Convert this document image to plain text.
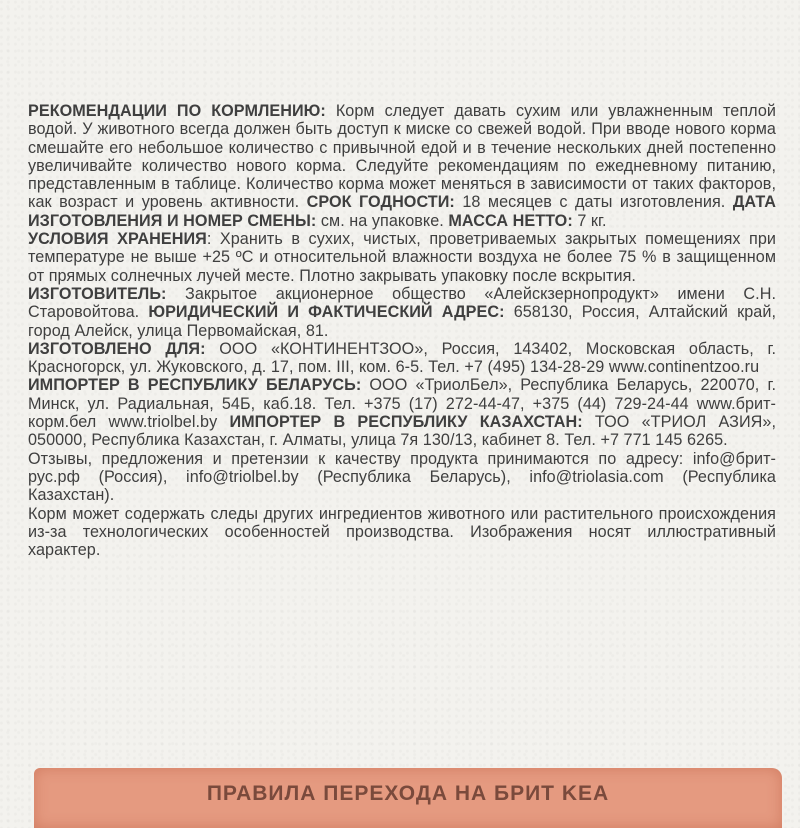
РЕКОМЕНДАЦИИ ПО КОРМЛЕНИЮ: Корм следует давать сухим или увлажненным теплой водой. У животного всегда должен быть доступ к миске со свежей водой. При вводе нового корма смешайте его небольшое количество с привычной едой и в течение нескольких дней постепенно увеличивайте количество нового корма. Следуйте рекомендациям по ежедневному питанию, представленным в таблице. Количество корма может меняться в зависимости от таких факторов, как возраст и уровень активности. СРОК ГОДНОСТИ: 18 месяцев с даты изготовления. ДАТА ИЗГОТОВЛЕНИЯ И НОМЕР СМЕНЫ: см. на упаковке. МАССА НЕТТО: 7 кг.

УСЛОВИЯ ХРАНЕНИЯ: Хранить в сухих, чистых, проветриваемых закрытых помещениях при температуре не выше +25 ºС и относительной влажности воздуха не более 75 % в защищенном от прямых солнечных лучей месте. Плотно закрывать упаковку после вскрытия.

ИЗГОТОВИТЕЛЬ: Закрытое акционерное общество «Алейскзернопродукт» имени С.Н. Старовойтова. ЮРИДИЧЕСКИЙ И ФАКТИЧЕСКИЙ АДРЕС: 658130, Россия, Алтайский край, город Алейск, улица Первомайская, 81.

ИЗГОТОВЛЕНО ДЛЯ: ООО «КОНТИНЕНТЗОО», Россия, 143402, Московская область, г. Красногорск, ул. Жуковского, д. 17, пом. III, ком. 6-5. Тел. +7 (495) 134-28-29 www.continentzoo.ru

ИМПОРТЕР В РЕСПУБЛИКУ БЕЛАРУСЬ: ООО «ТриолБел», Республика Беларусь, 220070, г. Минск, ул. Радиальная, 54Б, каб.18. Тел. +375 (17) 272-44-47, +375 (44) 729-24-44 www.брит-корм.бел www.triolbel.by ИМПОРТЕР В РЕСПУБЛИКУ КАЗАХСТАН: ТОО «ТРИОЛ АЗИЯ», 050000, Республика Казахстан, г. Алматы, улица 7я 130/13, кабинет 8. Тел. +7 771 145 6265.

Отзывы, предложения и претензии к качеству продукта принимаются по адресу: info@брит-рус.рф (Россия), info@triolbel.by (Республика Беларусь), info@triolasia.com (Республика Казахстан).

Корм может содержать следы других ингредиентов животного или растительного происхождения из-за технологических особенностей производства. Изображения носят иллюстративный характер.

ПРАВИЛА ПЕРЕХОДА НА БРИТ KEA
